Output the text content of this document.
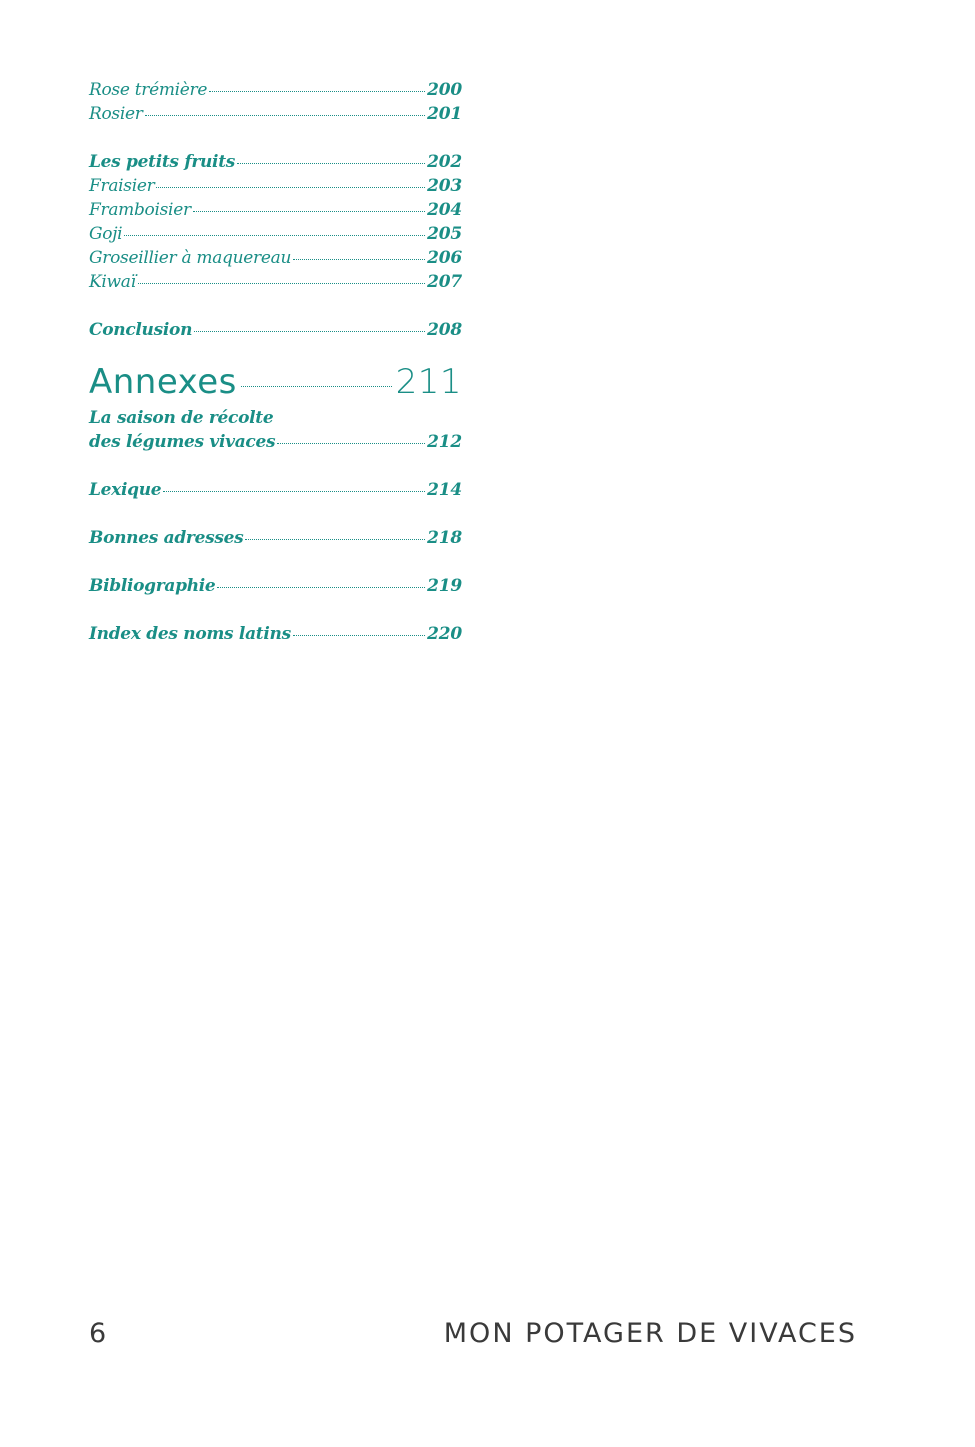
Rose trémière	200
Rosier	201
Les petits fruits	202
Fraisier	203
Framboisier	204
Goji	205
Groseillier à maquereau	206
Kiwaï	207
Conclusion	208
Annexes	211
La saison de récolte
des légumes vivaces	212
Lexique	214
Bonnes adresses	218
Bibliographie	219
Index des noms latins	220
6	MON POTAGER DE VIVACES
